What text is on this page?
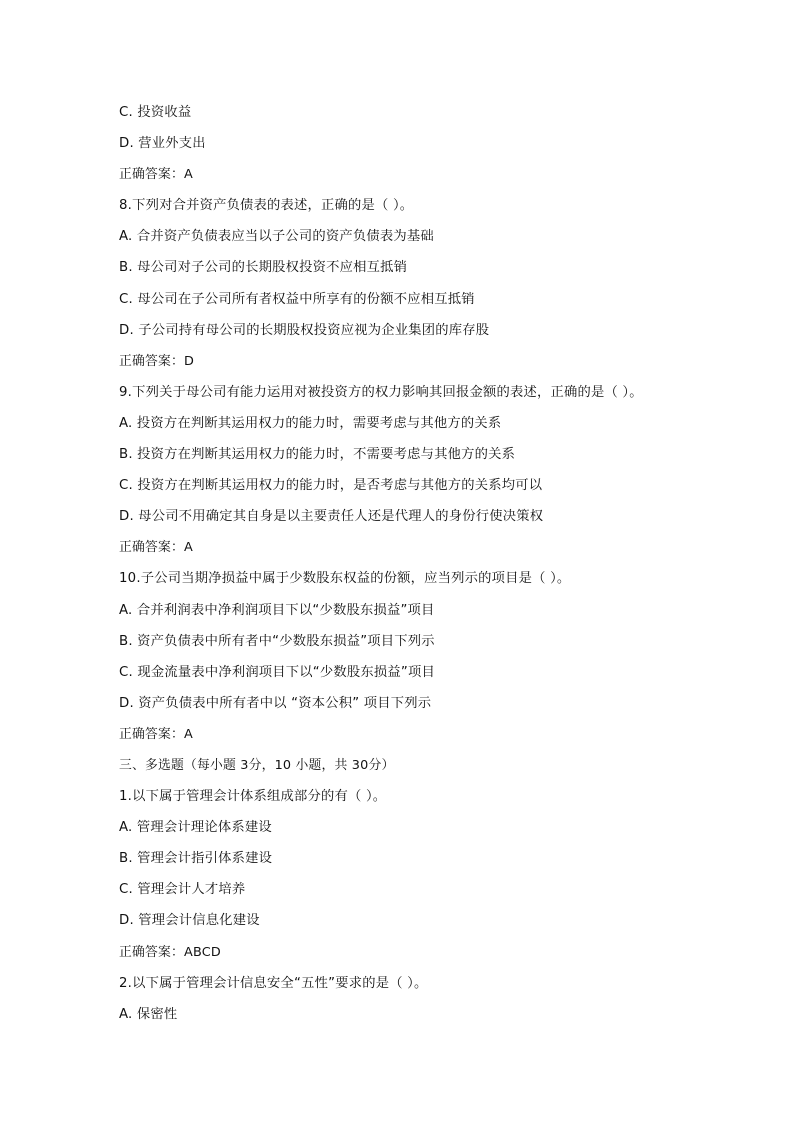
C. 投资收益
D. 营业外支出
正确答案：A
8.下列对合并资产负债表的表述，正确的是（ ）。
A. 合并资产负债表应当以子公司的资产负债表为基础
B. 母公司对子公司的长期股权投资不应相互抵销
C. 母公司在子公司所有者权益中所享有的份额不应相互抵销
D. 子公司持有母公司的长期股权投资应视为企业集团的库存股
正确答案：D
9.下列关于母公司有能力运用对被投资方的权力影响其回报金额的表述，正确的是（ ）。
A. 投资方在判断其运用权力的能力时，需要考虑与其他方的关系
B. 投资方在判断其运用权力的能力时，不需要考虑与其他方的关系
C. 投资方在判断其运用权力的能力时，是否考虑与其他方的关系均可以
D. 母公司不用确定其自身是以主要责任人还是代理人的身份行使决策权
正确答案：A
10.子公司当期净损益中属于少数股东权益的份额，应当列示的项目是（ ）。
A. 合并利润表中净利润项目下以“少数股东损益”项目
B. 资产负债表中所有者中“少数股东损益”项目下列示
C. 现金流量表中净利润项目下以“少数股东损益”项目
D. 资产负债表中所有者中以 “资本公积” 项目下列示
正确答案：A
三、多选题（每小题 3分，10 小题，共 30分）
1.以下属于管理会计体系组成部分的有（ ）。
A. 管理会计理论体系建设
B. 管理会计指引体系建设
C. 管理会计人才培养
D. 管理会计信息化建设
正确答案：ABCD
2.以下属于管理会计信息安全“五性”要求的是（ ）。
A. 保密性
